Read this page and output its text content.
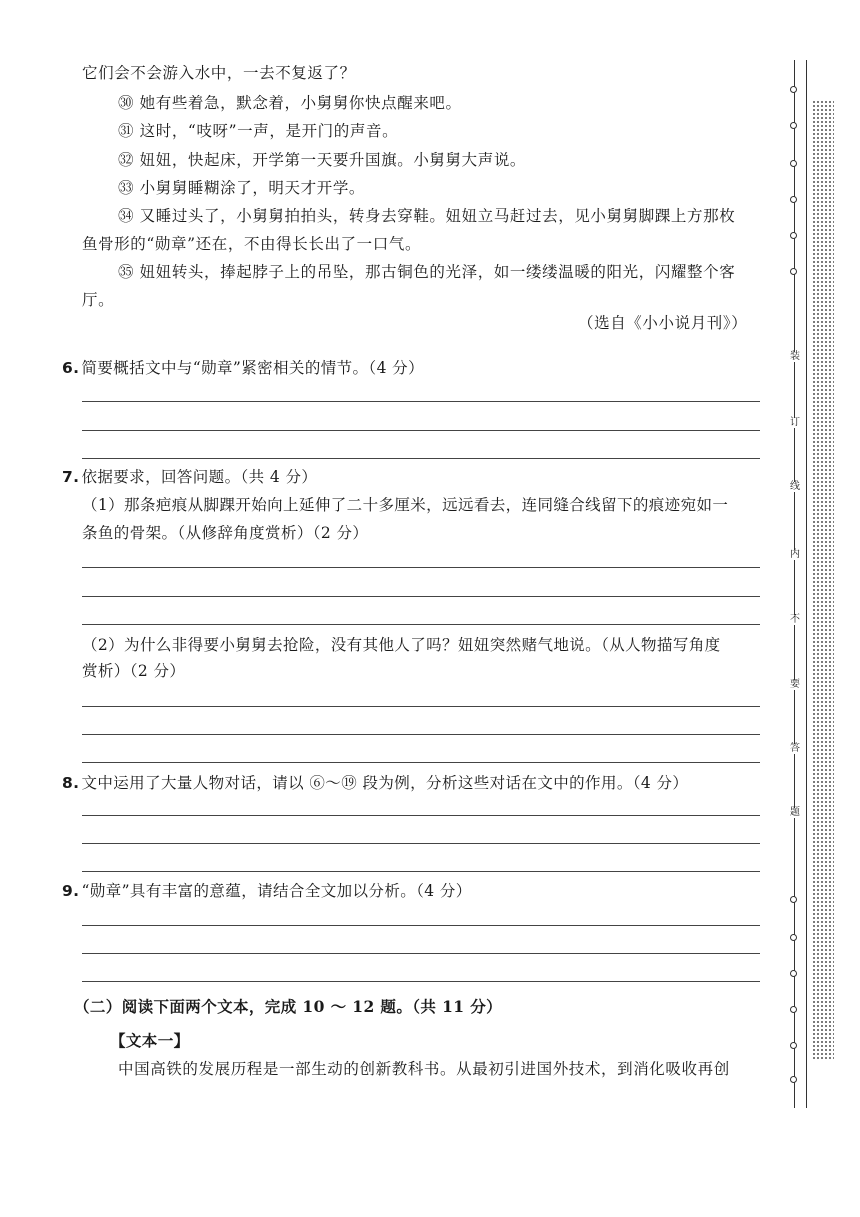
它们会不会游入水中，一去不复返了？
㉚ 她有些着急，默念着，小舅舅你快点醒来吧。
㉛ 这时，“吱呀”一声，是开门的声音。
㉜ 妞妞，快起床，开学第一天要升国旗。小舅舅大声说。
㉝ 小舅舅睡糊涂了，明天才开学。
㉞ 又睡过头了，小舅舅拍拍头，转身去穿鞋。妞妞立马赶过去，见小舅舅脚踝上方那枚
鱼骨形的“勋章”还在，不由得长长出了一口气。
㉟ 妞妞转头，捧起脖子上的吊坠，那古铜色的光泽，如一缕缕温暖的阳光，闪耀整个客
厅。
（选自《小小说月刊》）
6. 简要概括文中与“勋章”紧密相关的情节。（4 分）
7. 依据要求，回答问题。（共 4 分）
（1）那条疤痕从脚踝开始向上延伸了二十多厘米，远远看去，连同缝合线留下的痕迹宛如一
条鱼的骨架。（从修辞角度赏析）（2 分）
（2）为什么非得要小舅舅去抢险，没有其他人了吗？妞妞突然赌气地说。（从人物描写角度
赏析）（2 分）
8. 文中运用了大量人物对话，请以 ⑥～⑲ 段为例，分析这些对话在文中的作用。（4 分）
9. “勋章”具有丰富的意蕴，请结合全文加以分析。（4 分）
（二）阅读下面两个文本，完成 10 ～ 12 题。（共 11 分）
【文本一】
中国高铁的发展历程是一部生动的创新教科书。从最初引进国外技术，到消化吸收再创
装
订
线
内
不
要
答
题
